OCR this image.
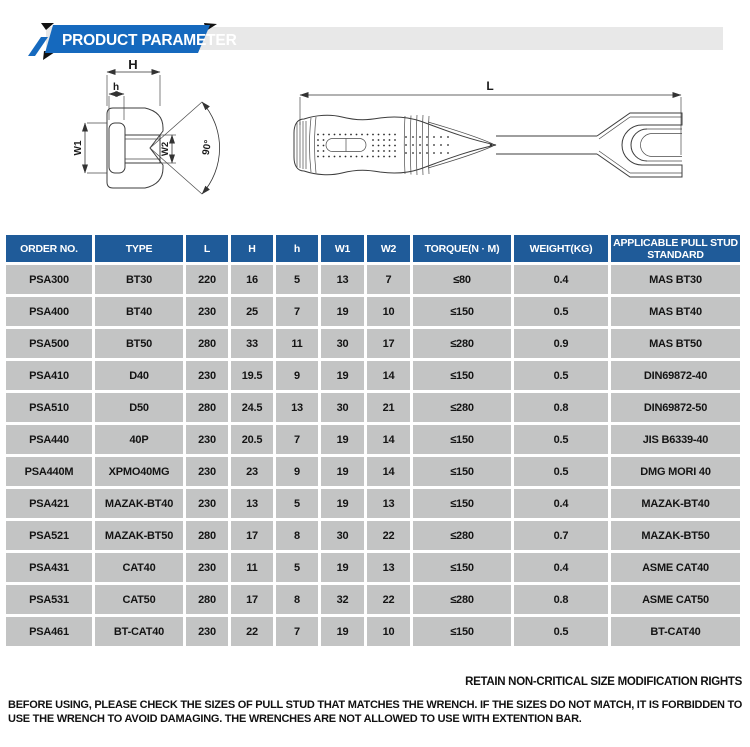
PRODUCT PARAMETER
H
h
W1	W2	90°
L
ORDER NO.	TYPE	L	H	h	W1	W2	TORQUE(N · M)	WEIGHT(KG)	APPLICABLE PULL STUD STANDARD
PSA300	BT30	220	16	5	13	7	≤80	0.4	MAS BT30
PSA400	BT40	230	25	7	19	10	≤150	0.5	MAS BT40
PSA500	BT50	280	33	11	30	17	≤280	0.9	MAS BT50
PSA410	D40	230	19.5	9	19	14	≤150	0.5	DIN69872-40
PSA510	D50	280	24.5	13	30	21	≤280	0.8	DIN69872-50
PSA440	40P	230	20.5	7	19	14	≤150	0.5	JIS B6339-40
PSA440M	XPMO40MG	230	23	9	19	14	≤150	0.5	DMG MORI 40
PSA421	MAZAK-BT40	230	13	5	19	13	≤150	0.4	MAZAK-BT40
PSA521	MAZAK-BT50	280	17	8	30	22	≤280	0.7	MAZAK-BT50
PSA431	CAT40	230	11	5	19	13	≤150	0.4	ASME CAT40
PSA531	CAT50	280	17	8	32	22	≤280	0.8	ASME CAT50
PSA461	BT-CAT40	230	22	7	19	10	≤150	0.5	BT-CAT40
RETAIN NON-CRITICAL SIZE MODIFICATION RIGHTS
BEFORE USING, PLEASE CHECK THE SIZES OF PULL STUD THAT MATCHES THE WRENCH. IF THE SIZES DO NOT MATCH, IT IS FORBIDDEN TO USE THE WRENCH TO AVOID DAMAGING. THE WRENCHES ARE NOT ALLOWED TO USE WITH EXTENTION BAR.
